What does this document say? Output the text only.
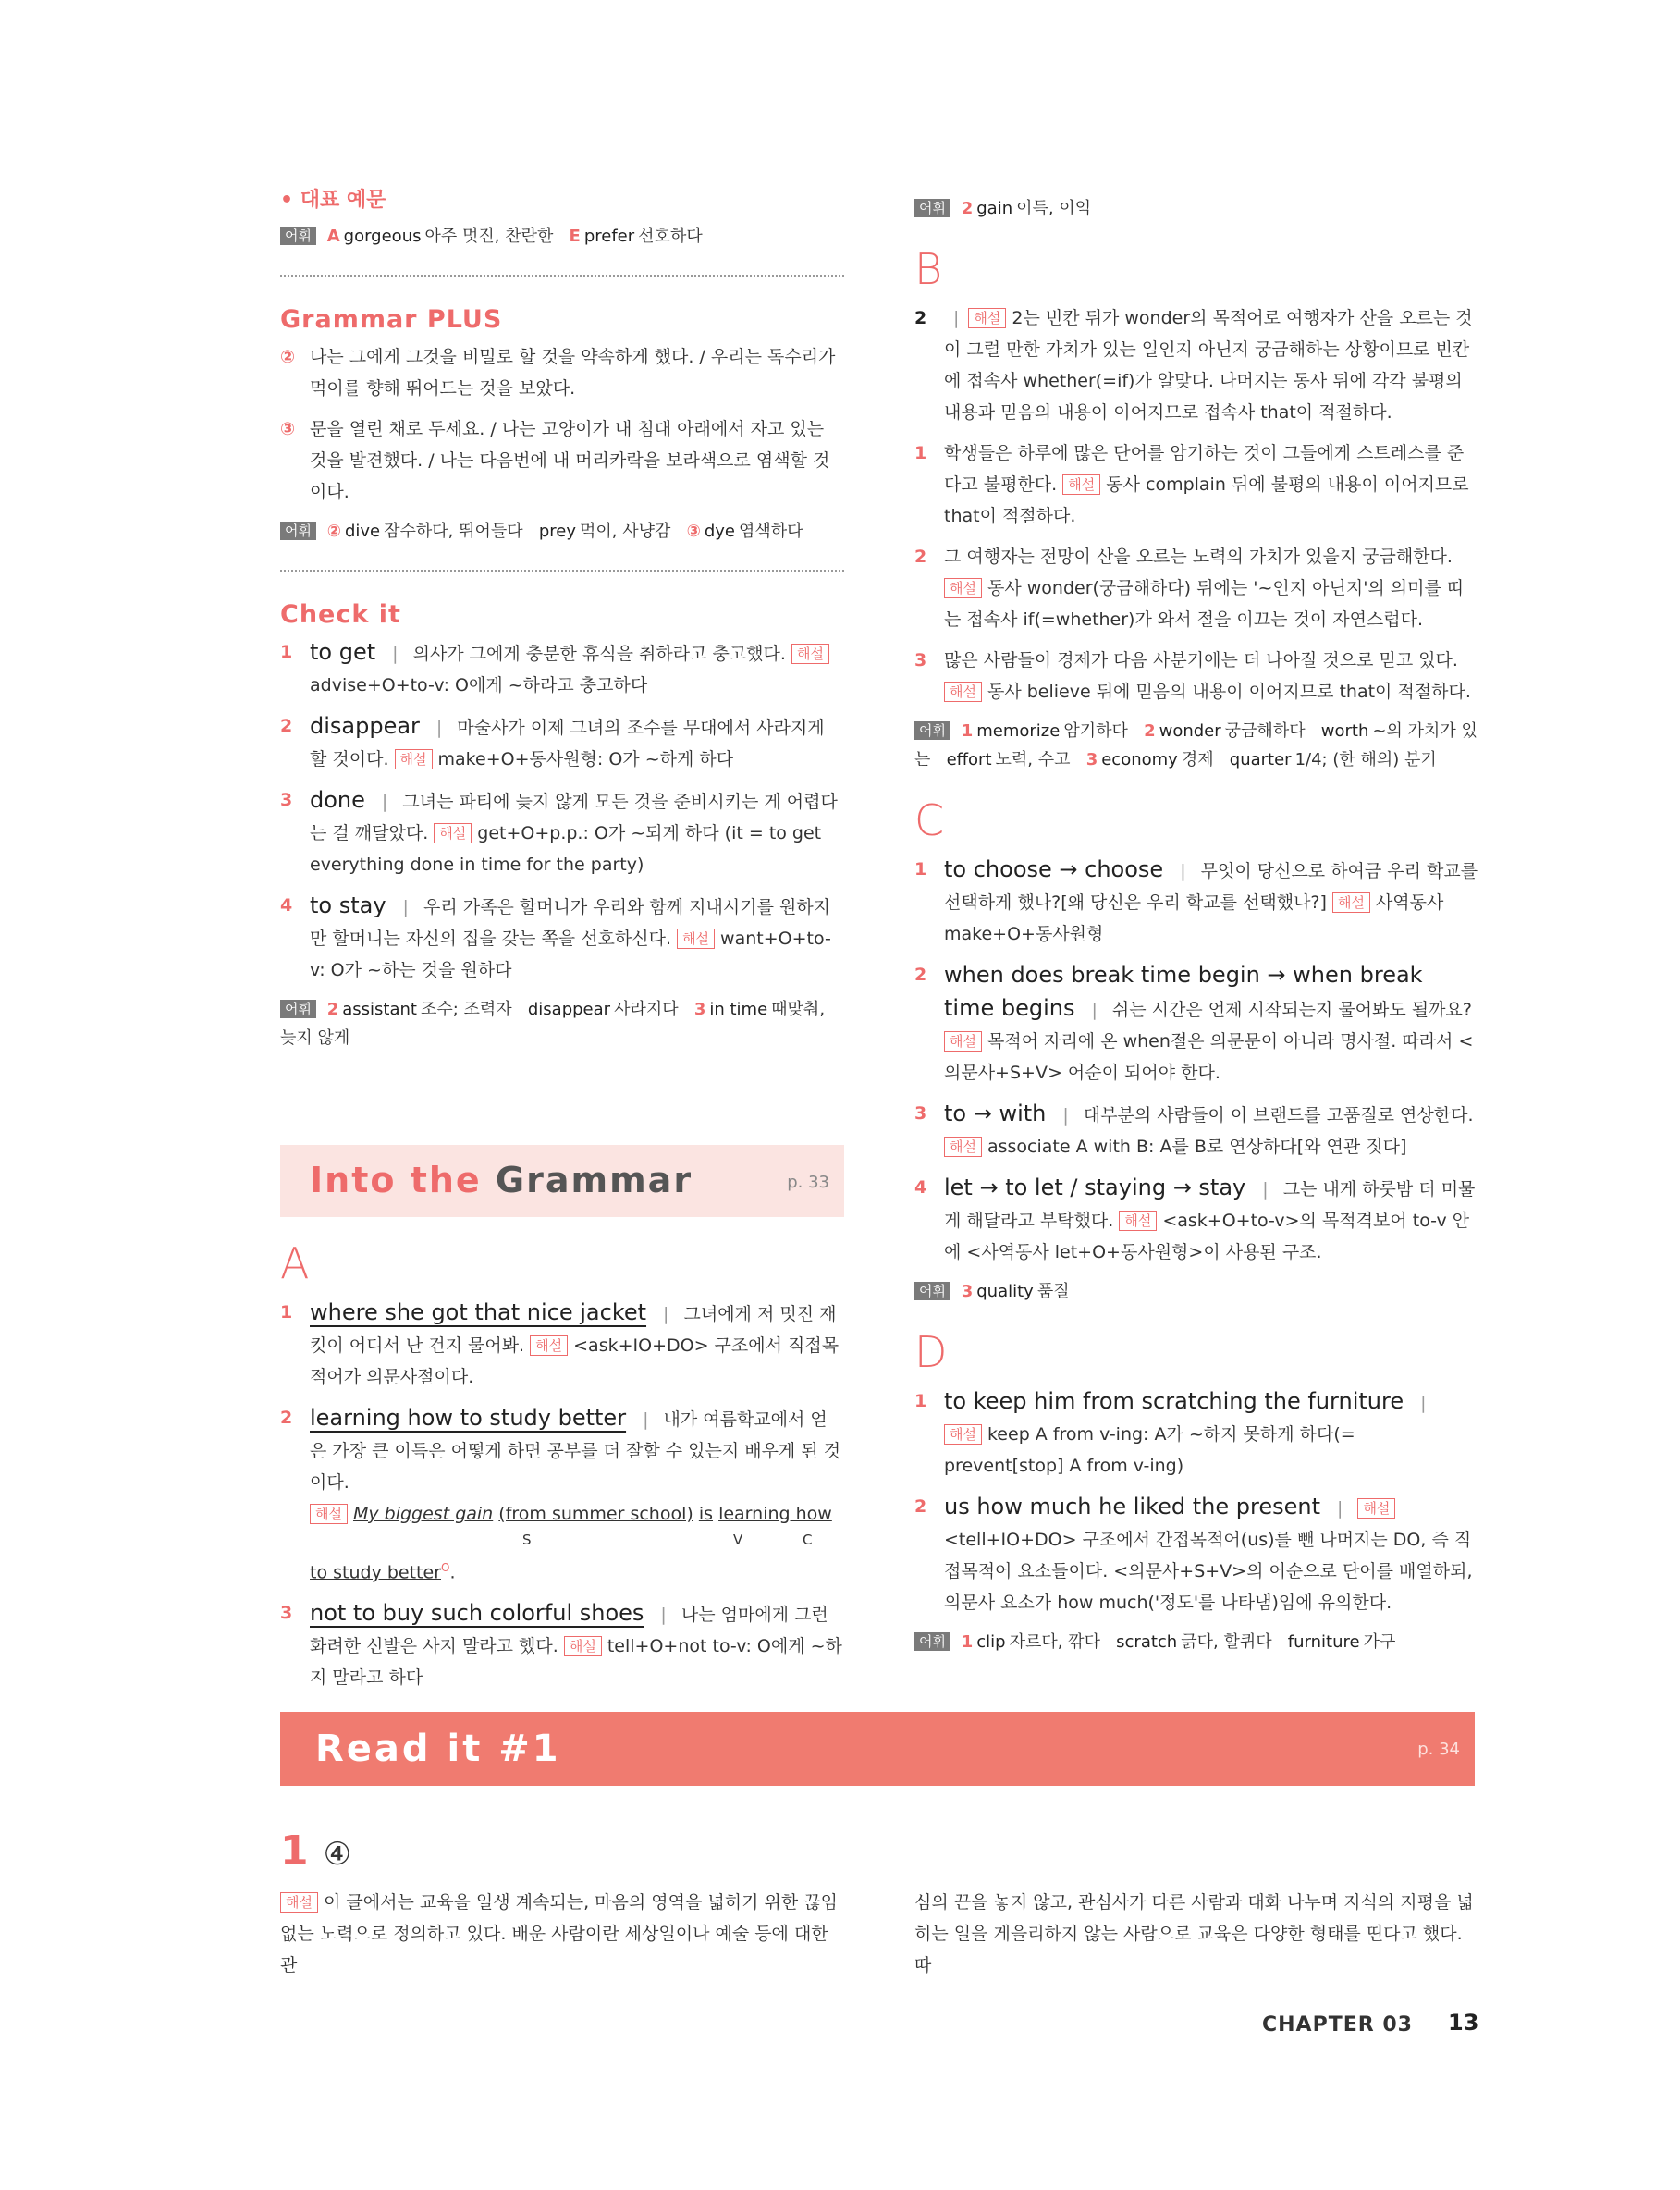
• 대표 예문
어휘 A gorgeous 아주 멋진, 찬란한 E prefer 선호하다
Grammar PLUS
② 나는 그에게 그것을 비밀로 할 것을 약속하게 했다. / 우리는 독수리가 먹이를 향해 뛰어드는 것을 보았다.
③ 문을 열린 채로 두세요. / 나는 고양이가 내 침대 아래에서 자고 있는 것을 발견했다. / 나는 다음번에 내 머리카락을 보라색으로 염색할 것이다.
어휘 ② dive 잠수하다, 뛰어들다 prey 먹이, 사냥감 ③ dye 염색하다
Check it
1 to get | 의사가 그에게 충분한 휴식을 취하라고 충고했다. 해설advise+O+to-v: O에게 ~하라고 충고하다
2 disappear | 마술사가 이제 그녀의 조수를 무대에서 사라지게 할 것이다. 해설 make+O+동사원형: O가 ~하게 하다
3 done | 그녀는 파티에 늦지 않게 모든 것을 준비시키는 게 어렵다는 걸 깨달았다. 해설 get+O+p.p.: O가 ~되게 하다 (it = to get everything done in time for the party)
4 to stay | 우리 가족은 할머니가 우리와 함께 지내시기를 원하지만 할머니는 자신의 집을 갖는 쪽을 선호하신다. 해설 want+O+to-v: O가 ~하는 것을 원하다
어휘 2 assistant 조수; 조력자 disappear 사라지다 3 in time 때맞춰, 늦지 않게
Into the Grammar	p. 33
A
1 where she got that nice jacket | 그녀에게 저 멋진 재킷이 어디서 난 건지 물어봐. 해설 <ask+IO+DO> 구조에서 직접목적어가 의문사절이다.
2 learning how to study better | 내가 여름학교에서 얻은 가장 큰 이득은 어떻게 하면 공부를 더 잘할 수 있는지 배우게 된 것이다.
해설 My biggest gain (from summer school) is learning how
S	V	C
to study better$^O$.
3 not to buy such colorful shoes | 나는 엄마에게 그런 화려한 신발은 사지 말라고 했다. 해설 tell+O+not to-v: O에게 ~하지 말라고 하다
어휘 2 gain 이득, 이익
B
2 | 해설 2는 빈칸 뒤가 wonder의 목적어로 여행자가 산을 오르는 것이 그럴 만한 가치가 있는 일인지 아닌지 궁금해하는 상황이므로 빈칸에 접속사 whether(=if)가 알맞다. 나머지는 동사 뒤에 각각 불평의 내용과 믿음의 내용이 이어지므로 접속사 that이 적절하다.
1 학생들은 하루에 많은 단어를 암기하는 것이 그들에게 스트레스를 준다고 불평한다. 해설 동사 complain 뒤에 불평의 내용이 이어지므로 that이 적절하다.
2 그 여행자는 전망이 산을 오르는 노력의 가치가 있을지 궁금해한다. 해설 동사 wonder(궁금해하다) 뒤에는 '~인지 아닌지'의 의미를 띠는 접속사 if(=whether)가 와서 절을 이끄는 것이 자연스럽다.
3 많은 사람들이 경제가 다음 사분기에는 더 나아질 것으로 믿고 있다. 해설 동사 believe 뒤에 믿음의 내용이 이어지므로 that이 적절하다.
어휘 1 memorize 암기하다 2 wonder 궁금해하다 worth ~의 가치가 있는 effort 노력, 수고 3 economy 경제 quarter 1/4; (한 해의) 분기
C
1 to choose → choose | 무엇이 당신으로 하여금 우리 학교를 선택하게 했나?[왜 당신은 우리 학교를 선택했나?] 해설 사역동사 make+O+동사원형
2 when does break time begin → when break time begins | 쉬는 시간은 언제 시작되는지 물어봐도 될까요? 해설 목적어 자리에 온 when절은 의문문이 아니라 명사절. 따라서 <의문사+S+V> 어순이 되어야 한다.
3 to → with | 대부분의 사람들이 이 브랜드를 고품질로 연상한다. 해설 associate A with B: A를 B로 연상하다[와 연관 짓다]
4 let → to let / staying → stay | 그는 내게 하룻밤 더 머물게 해달라고 부탁했다. 해설 <ask+O+to-v>의 목적격보어 to-v 안에 <사역동사 let+O+동사원형>이 사용된 구조.
어휘 3 quality 품질
D
1 to keep him from scratching the furniture | 해설 keep A from v-ing: A가 ~하지 못하게 하다(= prevent[stop] A from v-ing)
2 us how much he liked the present | 해설<tell+IO+DO> 구조에서 간접목적어(us)를 뺀 나머지는 DO, 즉 직접목적어 요소들이다. <의문사+S+V>의 어순으로 단어를 배열하되, 의문사 요소가 how much('정도'를 나타냄)임에 유의한다.
어휘 1 clip 자르다, 깎다 scratch 긁다, 할퀴다 furniture 가구
Read it #1	p. 34
1 ④
해설 이 글에서는 교육을 일생 계속되는, 마음의 영역을 넓히기 위한 끊임없는 노력으로 정의하고 있다. 배운 사람이란 세상일이나 예술 등에 대한 관
심의 끈을 놓지 않고, 관심사가 다른 사람과 대화 나누며 지식의 지평을 넓히는 일을 게을리하지 않는 사람으로 교육은 다양한 형태를 띤다고 했다. 따
CHAPTER 03 13
